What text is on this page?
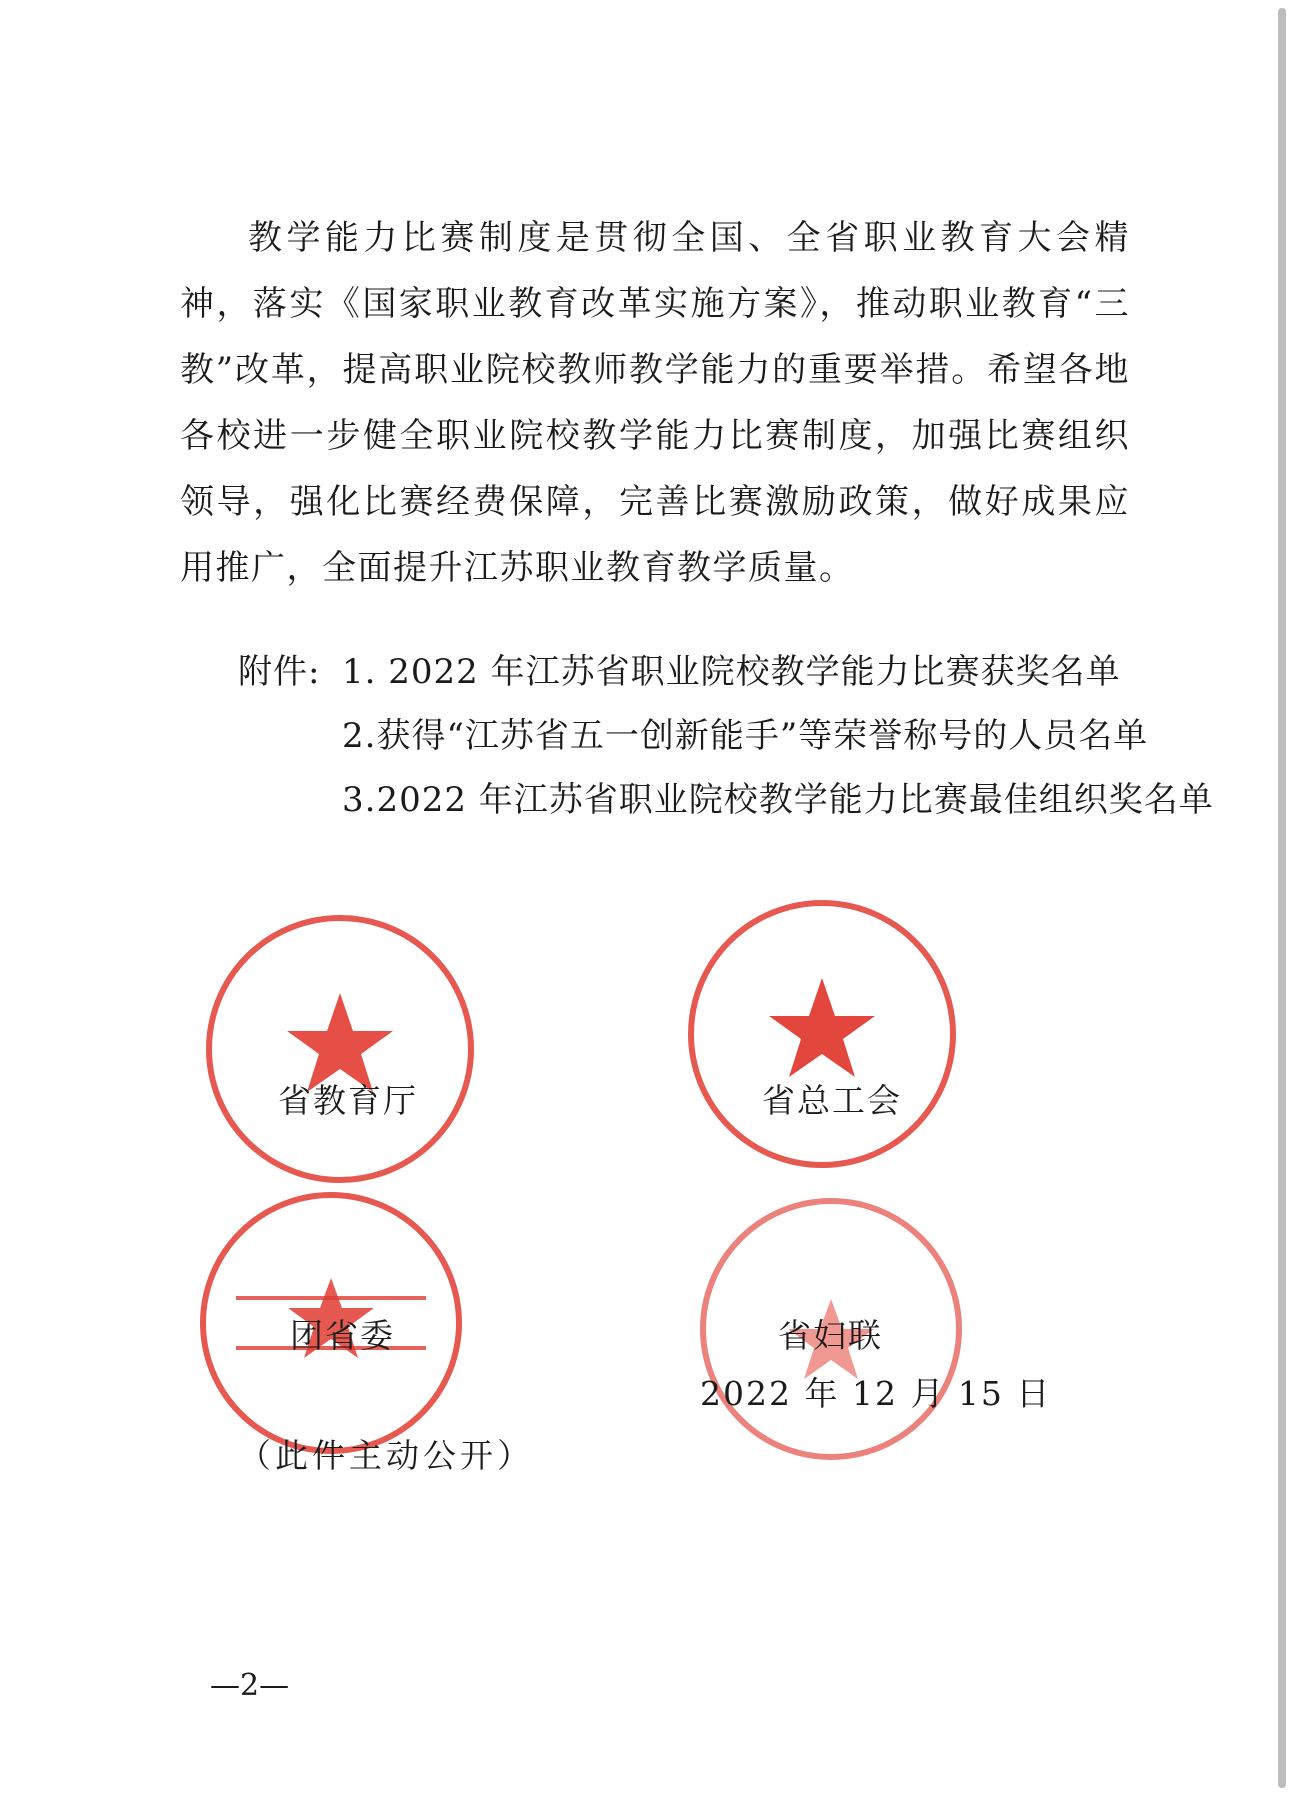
教学能力比赛制度是贯彻全国、全省职业教育大会精神，落实《国家职业教育改革实施方案》，推动职业教育“三教”改革，提高职业院校教师教学能力的重要举措。希望各地各校进一步健全职业院校教学能力比赛制度，加强比赛组织领导，强化比赛经费保障，完善比赛激励政策，做好成果应用推广，全面提升江苏职业教育教学质量。

附件: 1. 2022 年江苏省职业院校教学能力比赛获奖名单
2.获得“江苏省五一创新能手”等荣誉称号的人员名单
3.2022 年江苏省职业院校教学能力比赛最佳组织奖名单
省教育厅	省总工会
团省委	省妇联
2022 年 12 月 15 日
（此件主动公开）
—2—
